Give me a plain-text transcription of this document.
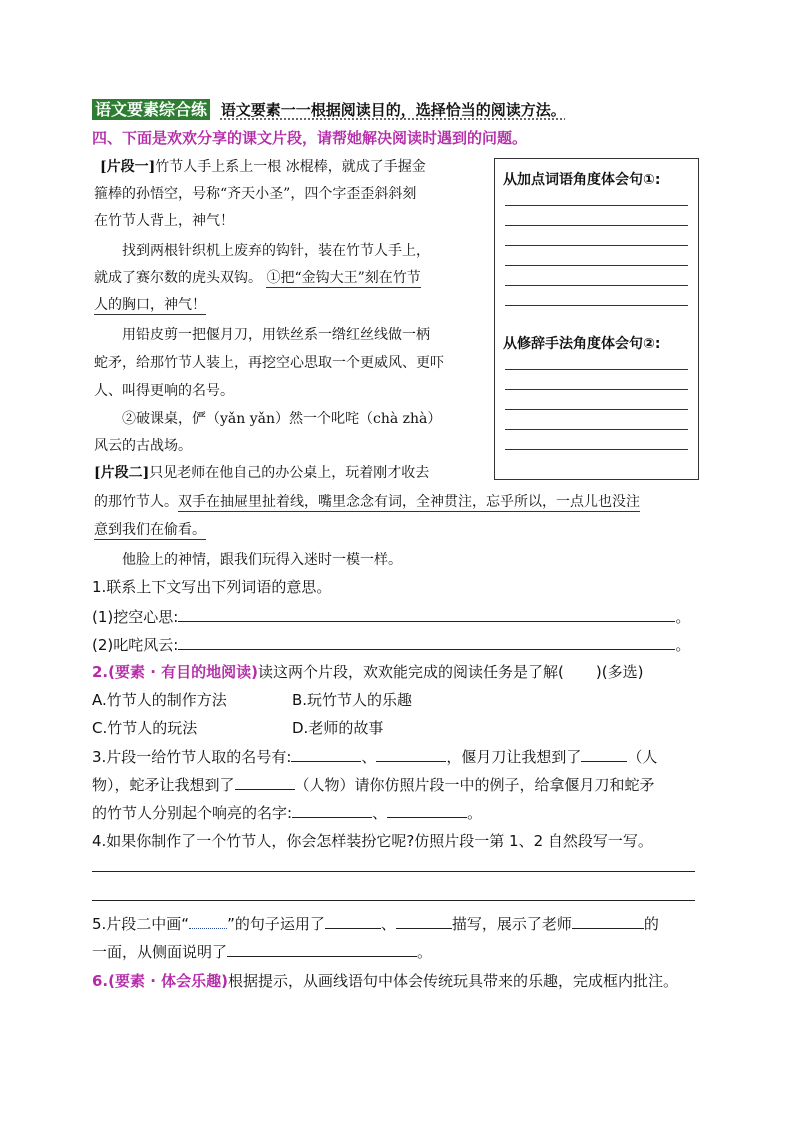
语文要素综合练 语文要素一一根据阅读目的，选择恰当的阅读方法。
四、下面是欢欢分享的课文片段，请帮她解决阅读时遇到的问题。
[片段一]竹节人手上系上一根 冰棍棒，就成了手握金
箍棒的孙悟空，号称“齐天小圣”，四个字歪歪斜斜刻
在竹节人背上，神气！
找到两根针织机上废弃的钩针，装在竹节人手上，
就成了赛尔数的虎头双钩。 ①把“金钩大王”刻在竹节
人的胸口，神气！
用铅皮剪一把偃月刀，用铁丝系一绺红丝线做一柄
蛇矛，给那竹节人装上，再挖空心思取一个更威风、更吓
人、叫得更响的名号。
②破课桌，俨（yǎn yǎn）然一个叱咤（chà zhà）
风云的古战场。
[片段二]只见老师在他自己的办公桌上，玩着刚才收去
的那竹节人。双手在抽屉里扯着线，嘴里念念有词，全神贯注，忘乎所以，一点儿也没注
意到我们在偷看。
他脸上的神情，跟我们玩得入迷时一模一样。
从加点词语角度体会句①:
从修辞手法角度体会句②:
1.联系上下文写出下列词语的意思。
(1)挖空心思:	。
(2)叱咤风云:	。
2.(要素 · 有目的地阅读)读这两个片段，欢欢能完成的阅读任务是了解( )(多选)
A.竹节人的制作方法	B.玩竹节人的乐趣
C.竹节人的玩法	D.老师的故事
3.片段一给竹节人取的名号有:	、	，偃月刀让我想到了	（人
物），蛇矛让我想到了	（人物）请你仿照片段一中的例子，给拿偃月刀和蛇矛
的竹节人分别起个响亮的名字:	、	。
4.如果你制作了一个竹节人，你会怎样装扮它呢?仿照片段一第 1、2 自然段写一写。
5.片段二中画“	”的句子运用了	、	描写，展示了老师	的
一面，从侧面说明了	。
6.(要素 · 体会乐趣)根据提示，从画线语句中体会传统玩具带来的乐趣，完成框内批注。
